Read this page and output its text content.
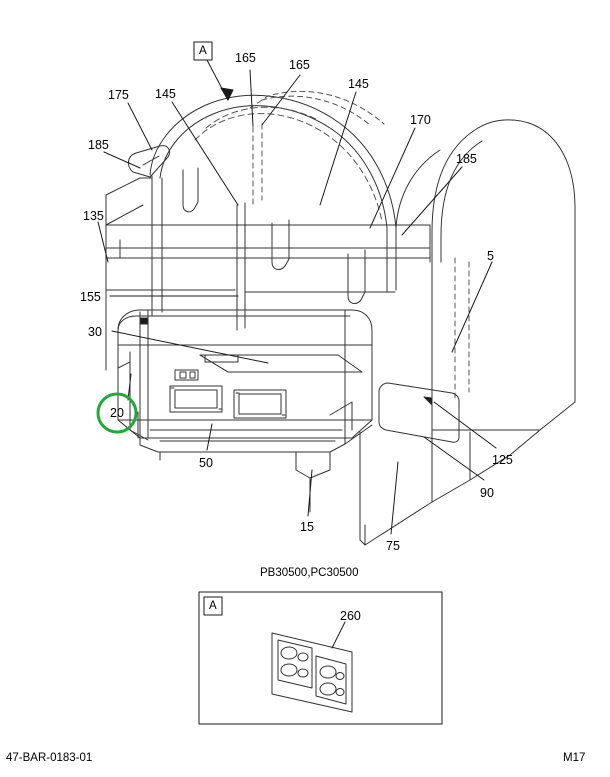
175 145
165	165
145
170
185
185
135
5
155
30
20
50	125
90
15
75
260
A
A
PB30500,PC30500
47-BAR-0183-01	M17
